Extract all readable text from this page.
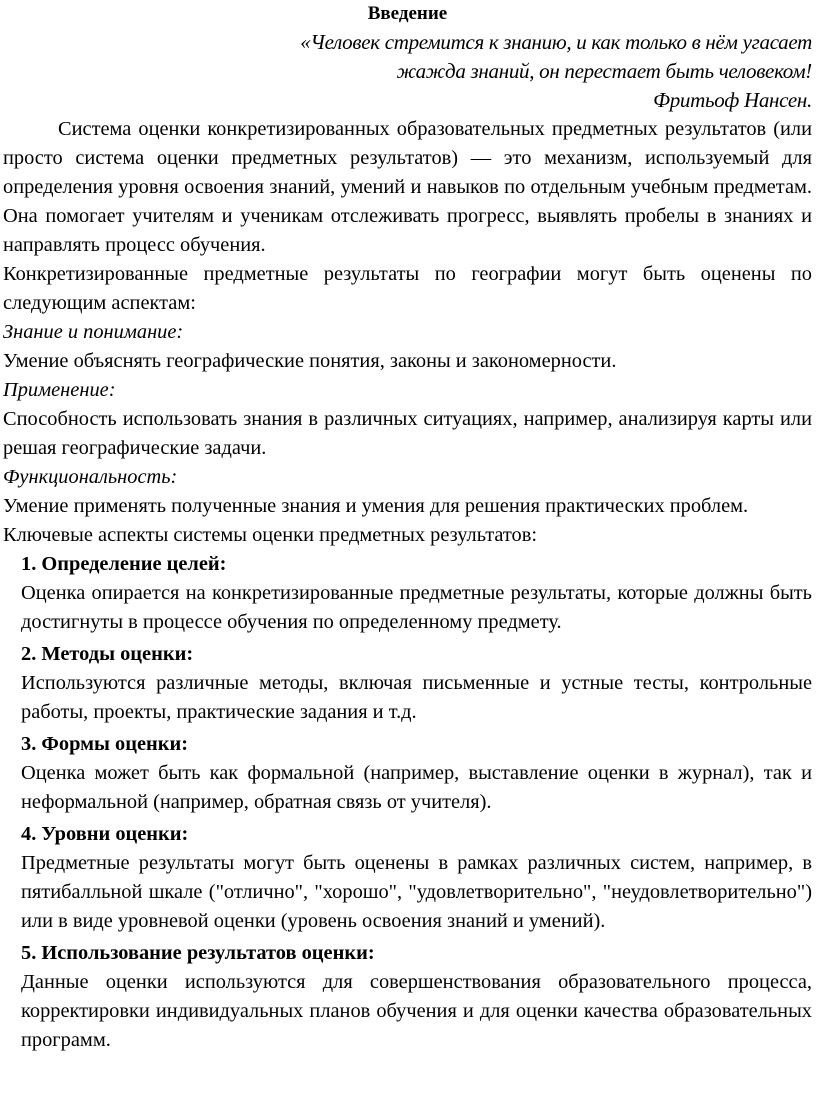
Введение
«Человек стремится к знанию, и как только в нём угасает
жажда знаний, он перестает быть человеком!
Фритьоф Нансен.

Система оценки конкретизированных образовательных предметных результатов (или просто система оценки предметных результатов) — это механизм, используемый для определения уровня освоения знаний, умений и навыков по отдельным учебным предметам. Она помогает учителям и ученикам отслеживать прогресс, выявлять пробелы в знаниях и направлять процесс обучения.

Конкретизированные предметные результаты по географии могут быть оценены по следующим аспектам:

Знание и понимание:

Умение объяснять географические понятия, законы и закономерности.

Применение:

Способность использовать знания в различных ситуациях, например, анализируя карты или решая географические задачи.

Функциональность:

Умение применять полученные знания и умения для решения практических проблем.

Ключевые аспекты системы оценки предметных результатов:

1. Определение целей:

Оценка опирается на конкретизированные предметные результаты, которые должны быть достигнуты в процессе обучения по определенному предмету.

2. Методы оценки:

Используются различные методы, включая письменные и устные тесты, контрольные работы, проекты, практические задания и т.д.

3. Формы оценки:

Оценка может быть как формальной (например, выставление оценки в журнал), так и неформальной (например, обратная связь от учителя).

4. Уровни оценки:

Предметные результаты могут быть оценены в рамках различных систем, например, в пятибалльной шкале ("отлично", "хорошо", "удовлетворительно", "неудовлетворительно") или в виде уровневой оценки (уровень освоения знаний и умений).

5. Использование результатов оценки:

Данные оценки используются для совершенствования образовательного процесса, корректировки индивидуальных планов обучения и для оценки качества образовательных программ.
